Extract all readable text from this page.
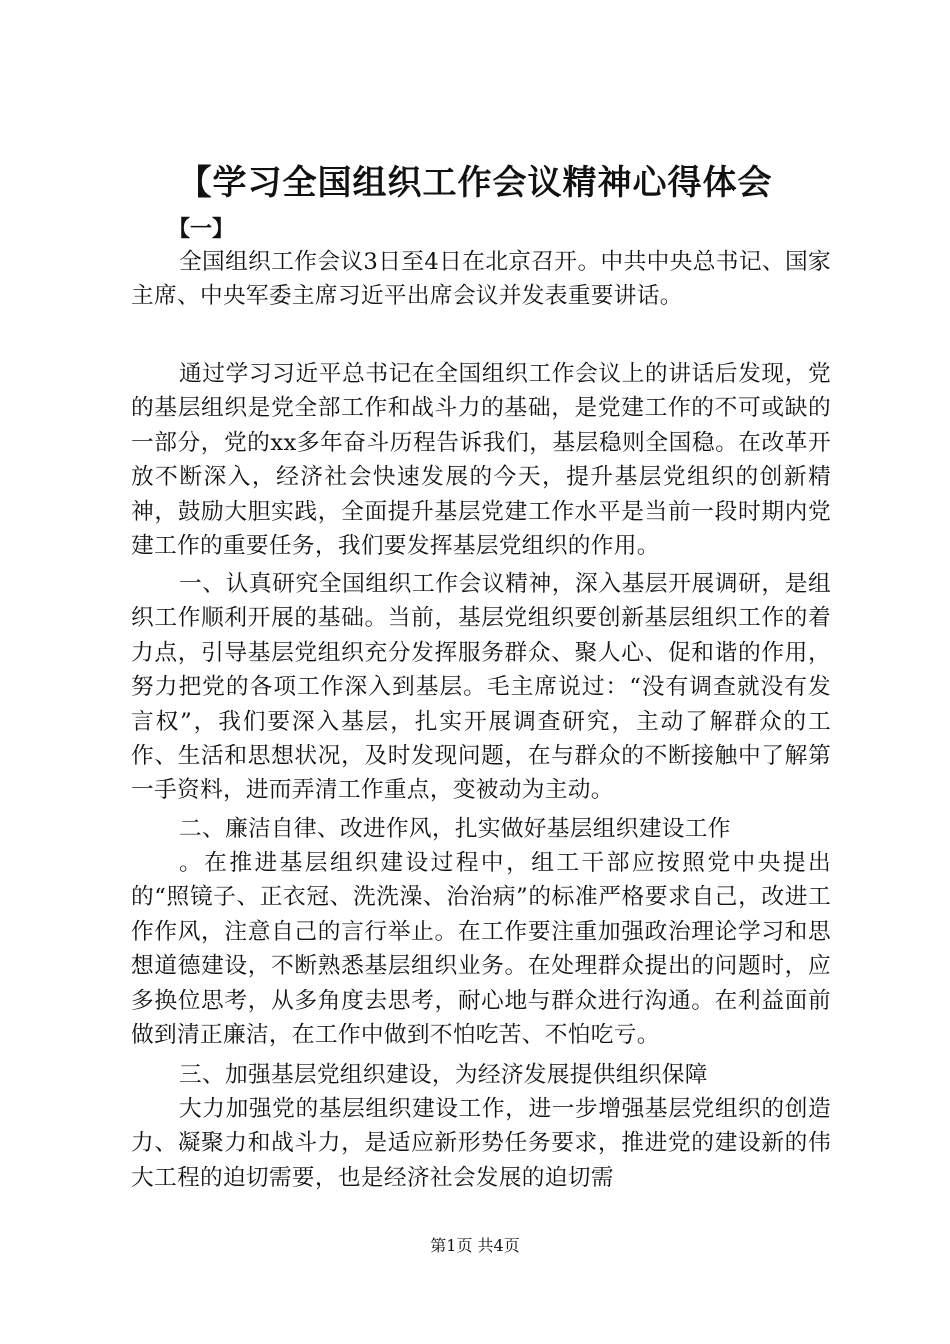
【学习全国组织工作会议精神心得体会
【一】

全国组织工作会议3日至4日在北京召开。中共中央总书记、国家主席、中央军委主席习近平出席会议并发表重要讲话。

通过学习习近平总书记在全国组织工作会议上的讲话后发现，党的基层组织是党全部工作和战斗力的基础，是党建工作的不可或缺的一部分，党的xx多年奋斗历程告诉我们，基层稳则全国稳。在改革开放不断深入，经济社会快速发展的今天，提升基层党组织的创新精神，鼓励大胆实践，全面提升基层党建工作水平是当前一段时期内党建工作的重要任务，我们要发挥基层党组织的作用。

一、认真研究全国组织工作会议精神，深入基层开展调研，是组织工作顺利开展的基础。当前，基层党组织要创新基层组织工作的着力点，引导基层党组织充分发挥服务群众、聚人心、促和谐的作用，努力把党的各项工作深入到基层。毛主席说过：“没有调查就没有发言权”，我们要深入基层，扎实开展调查研究，主动了解群众的工作、生活和思想状况，及时发现问题，在与群众的不断接触中了解第一手资料，进而弄清工作重点，变被动为主动。

二、廉洁自律、改进作风，扎实做好基层组织建设工作

。在推进基层组织建设过程中，组工干部应按照党中央提出的“照镜子、正衣冠、洗洗澡、治治病”的标准严格要求自己，改进工作作风，注意自己的言行举止。在工作要注重加强政治理论学习和思想道德建设，不断熟悉基层组织业务。在处理群众提出的问题时，应多换位思考，从多角度去思考，耐心地与群众进行沟通。在利益面前做到清正廉洁，在工作中做到不怕吃苦、不怕吃亏。

三、加强基层党组织建设，为经济发展提供组织保障

大力加强党的基层组织建设工作，进一步增强基层党组织的创造力、凝聚力和战斗力，是适应新形势任务要求，推进党的建设新的伟大工程的迫切需要，也是经济社会发展的迫切需

第1页 共4页
